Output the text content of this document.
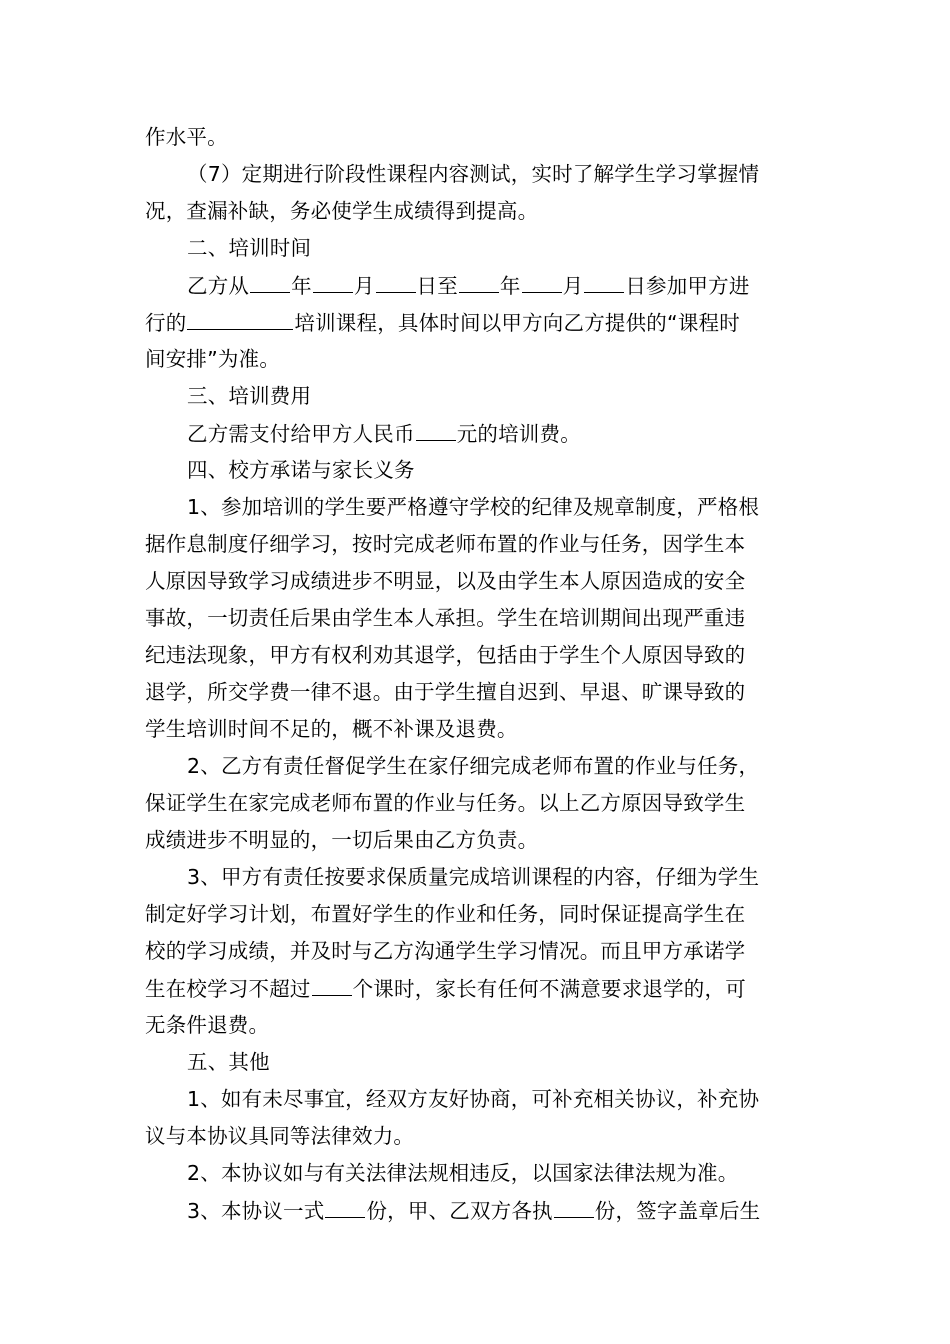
作水平。
（7）定期进行阶段性课程内容测试，实时了解学生学习掌握情
况，查漏补缺，务必使学生成绩得到提高。
二、培训时间
乙方从 年 月 日至 年 月 日参加甲方进
行的	培训课程，具体时间以甲方向乙方提供的“课程时
间安排”为准。
三、培训费用
乙方需支付给甲方人民币 元的培训费。
四、校方承诺与家长义务
1、参加培训的学生要严格遵守学校的纪律及规章制度，严格根
据作息制度仔细学习，按时完成老师布置的作业与任务，因学生本
人原因导致学习成绩进步不明显，以及由学生本人原因造成的安全
事故，一切责任后果由学生本人承担。学生在培训期间出现严重违
纪违法现象，甲方有权利劝其退学，包括由于学生个人原因导致的
退学，所交学费一律不退。由于学生擅自迟到、早退、旷课导致的
学生培训时间不足的，概不补课及退费。
2、乙方有责任督促学生在家仔细完成老师布置的作业与任务，
保证学生在家完成老师布置的作业与任务。以上乙方原因导致学生
成绩进步不明显的，一切后果由乙方负责。
3、甲方有责任按要求保质量完成培训课程的内容，仔细为学生
制定好学习计划，布置好学生的作业和任务，同时保证提高学生在
校的学习成绩，并及时与乙方沟通学生学习情况。而且甲方承诺学
生在校学习不超过 个课时，家长有任何不满意要求退学的，可
无条件退费。
五、其他
1、如有未尽事宜，经双方友好协商，可补充相关协议，补充协
议与本协议具同等法律效力。
2、本协议如与有关法律法规相违反，以国家法律法规为准。
3、本协议一式 份，甲、乙双方各执 份，签字盖章后生
